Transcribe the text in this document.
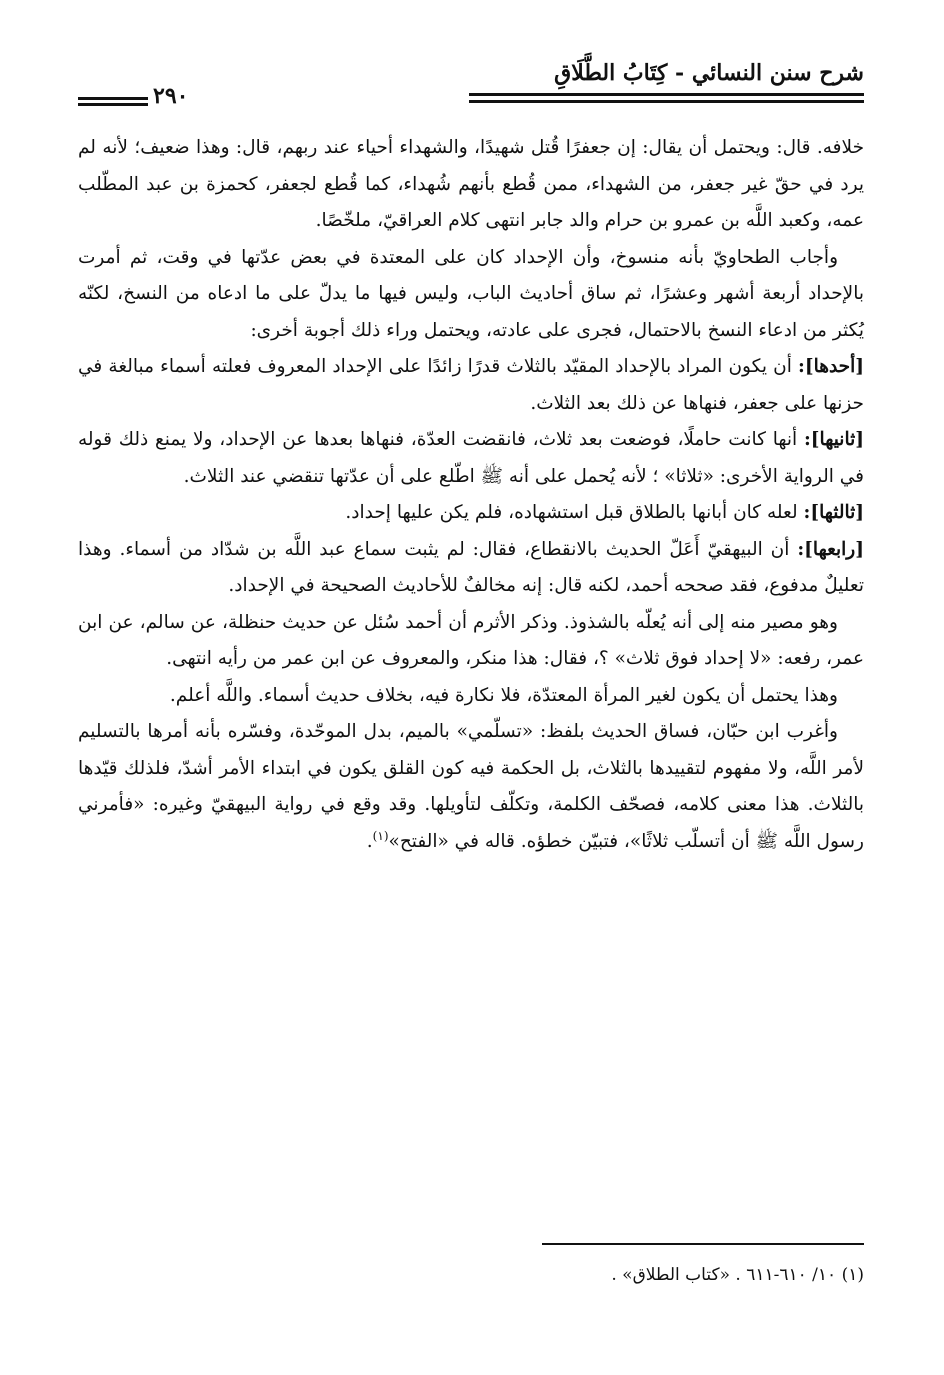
شرح سنن النسائي - كِتَابُ الطَّلَاقِ
٢٩٠

خلافه. قال: ويحتمل أن يقال: إن جعفرًا قُتل شهيدًا، والشهداء أحياء عند ربهم، قال: وهذا ضعيف؛ لأنه لم يرد في حقّ غير جعفر، من الشهداء، ممن قُطع بأنهم شُهداء، كما قُطع لجعفر، كحمزة بن عبد المطّلب عمه، وكعبد اللَّه بن عمرو بن حرام والد جابر انتهى كلام العراقيّ، ملخّصًا.

وأجاب الطحاويّ بأنه منسوخ، وأن الإحداد كان على المعتدة في بعض عدّتها في وقت، ثم أمرت بالإحداد أربعة أشهر وعشرًا، ثم ساق أحاديث الباب، وليس فيها ما يدلّ على ما ادعاه من النسخ، لكنّه يُكثر من ادعاء النسخ بالاحتمال، فجرى على عادته، ويحتمل وراء ذلك أجوبة أخرى:

[أحدها]: أن يكون المراد بالإحداد المقيّد بالثلاث قدرًا زائدًا على الإحداد المعروف فعلته أسماء مبالغة في حزنها على جعفر، فنهاها عن ذلك بعد الثلاث.

[ثانيها]: أنها كانت حاملًا، فوضعت بعد ثلاث، فانقضت العدّة، فنهاها بعدها عن الإحداد، ولا يمنع ذلك قوله في الرواية الأخرى: «ثلاثا» ؛ لأنه يُحمل على أنه ﷺ اطّلع على أن عدّتها تنقضي عند الثلاث.

[ثالثها]: لعله كان أبانها بالطلاق قبل استشهاده، فلم يكن عليها إحداد.

[رابعها]: أن البيهقيّ أَعَلّ الحديث بالانقطاع، فقال: لم يثبت سماع عبد اللَّه بن شدّاد من أسماء. وهذا تعليلٌ مدفوع، فقد صححه أحمد، لكنه قال: إنه مخالفٌ للأحاديث الصحيحة في الإحداد.

وهو مصير منه إلى أنه يُعلّه بالشذوذ. وذكر الأثرم أن أحمد سُئل عن حديث حنظلة، عن سالم، عن ابن عمر، رفعه: «لا إحداد فوق ثلاث» ؟، فقال: هذا منكر، والمعروف عن ابن عمر من رأيه انتهى.

وهذا يحتمل أن يكون لغير المرأة المعتدّة، فلا نكارة فيه، بخلاف حديث أسماء. واللَّه أعلم.

وأغرب ابن حبّان، فساق الحديث بلفظ: «تسلّمي» بالميم، بدل الموحّدة، وفسّره بأنه أمرها بالتسليم لأمر اللَّه، ولا مفهوم لتقييدها بالثلاث، بل الحكمة فيه كون القلق يكون في ابتداء الأمر أشدّ، فلذلك قيّدها بالثلاث. هذا معنى كلامه، فصحّف الكلمة، وتكلّف لتأويلها. وقد وقع في رواية البيهقيّ وغيره: «فأمرني رسول اللَّه ﷺ أن أتسلّب ثلاثًا»، فتبيّن خطؤه. قاله في «الفتح»$^{(١)}$.

(١) ١٠/ ٦١٠-٦١١ . «كتاب الطلاق» .
